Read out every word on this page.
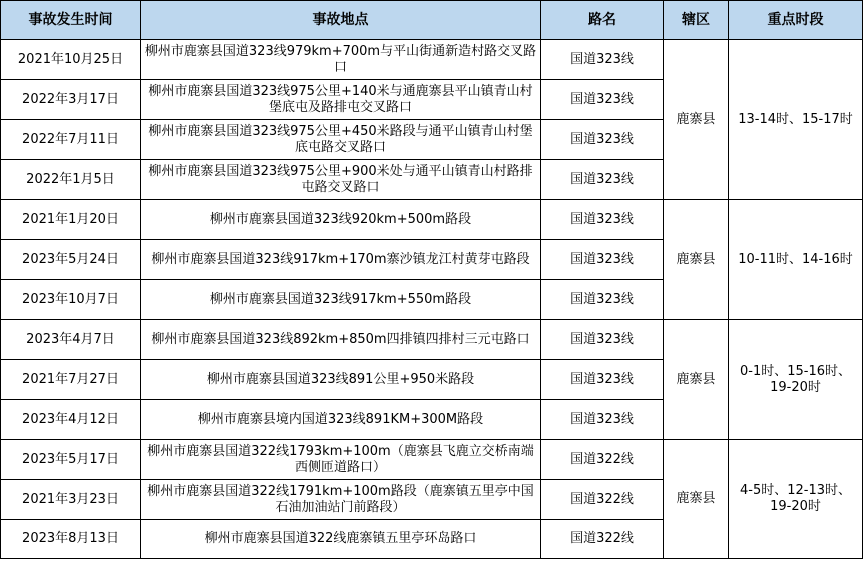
事故发生时间	事故地点	路名	辖区	重点时段
2021年10月25日	柳州市鹿寨县国道323线979km+700m与平山街通新造村路交叉路口	国道323线	鹿寨县	13-14时、15-17时
2022年3月17日	柳州市鹿寨县国道323线975公里+140米与通鹿寨县平山镇青山村堡底屯及路排屯交叉路口	国道323线		
2022年7月11日	柳州市鹿寨县国道323线975公里+450米路段与通平山镇青山村堡底屯路交叉路口	国道323线		
2022年1月5日	柳州市鹿寨县国道323线975公里+900米处与通平山镇青山村路排屯路交叉路口	国道323线		
2021年1月20日	柳州市鹿寨县国道323线920km+500m路段	国道323线	鹿寨县	10-11时、14-16时
2023年5月24日	柳州市鹿寨县国道323线917km+170m寨沙镇龙江村黄芽屯路段	国道323线		
2023年10月7日	柳州市鹿寨县国道323线917km+550m路段	国道323线		
2023年4月7日	柳州市鹿寨县国道323线892km+850m四排镇四排村三元屯路口	国道323线	鹿寨县	0-1时、15-16时、19-20时
2021年7月27日	柳州市鹿寨县国道323线891公里+950米路段	国道323线		
2023年4月12日	柳州市鹿寨县境内国道323线891KM+300M路段	国道323线		
2023年5月17日	柳州市鹿寨县国道322线1793km+100m（鹿寨县飞鹿立交桥南端西侧匝道路口）	国道322线	鹿寨县	4-5时、12-13时、19-20时
2021年3月23日	柳州市鹿寨县国道322线1791km+100m路段（鹿寨镇五里亭中国石油加油站门前路段）	国道322线		
2023年8月13日	柳州市鹿寨县国道322线鹿寨镇五里亭环岛路口	国道322线		
